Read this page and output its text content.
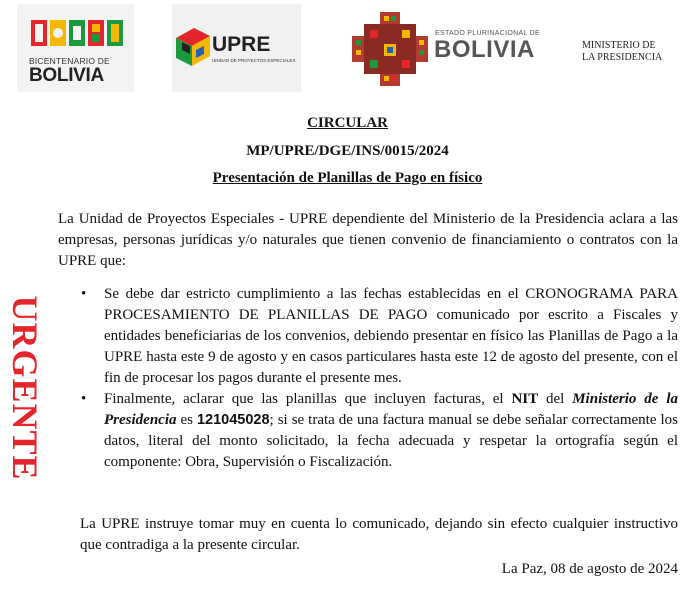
BICENTENARIO DE
BOLIVIA
UPRE
UNIDAD DE PROYECTOS ESPECIALES
ESTADO PLURINACIONAL DE
BOLIVIA	MINISTERIO DE
LA PRESIDENCIA
URGENTE
CIRCULAR
MP/UPRE/DGE/INS/0015/2024
Presentación de Planillas de Pago en físico
La Unidad de Proyectos Especiales - UPRE dependiente del Ministerio de la Presidencia aclara a las empresas, personas jurídicas y/o naturales que tienen convenio de financiamiento o contratos con la UPRE que:
• Se debe dar estricto cumplimiento a las fechas establecidas en el CRONOGRAMA PARA PROCESAMIENTO DE PLANILLAS DE PAGO comunicado por escrito a Fiscales y entidades beneficiarias de los convenios, debiendo presentar en físico las Planillas de Pago a la UPRE hasta este 9 de agosto y en casos particulares hasta este 12 de agosto del presente, con el fin de procesar los pagos durante el presente mes.
• Finalmente, aclarar que las planillas que incluyen facturas, el NIT del Ministerio de la Presidencia es 121045028; si se trata de una factura manual se debe señalar correctamente los datos, literal del monto solicitado, la fecha adecuada y respetar la ortografía según el componente: Obra, Supervisión o Fiscalización.
La UPRE instruye tomar muy en cuenta lo comunicado, dejando sin efecto cualquier instructivo que contradiga a la presente circular.
La Paz, 08 de agosto de 2024
